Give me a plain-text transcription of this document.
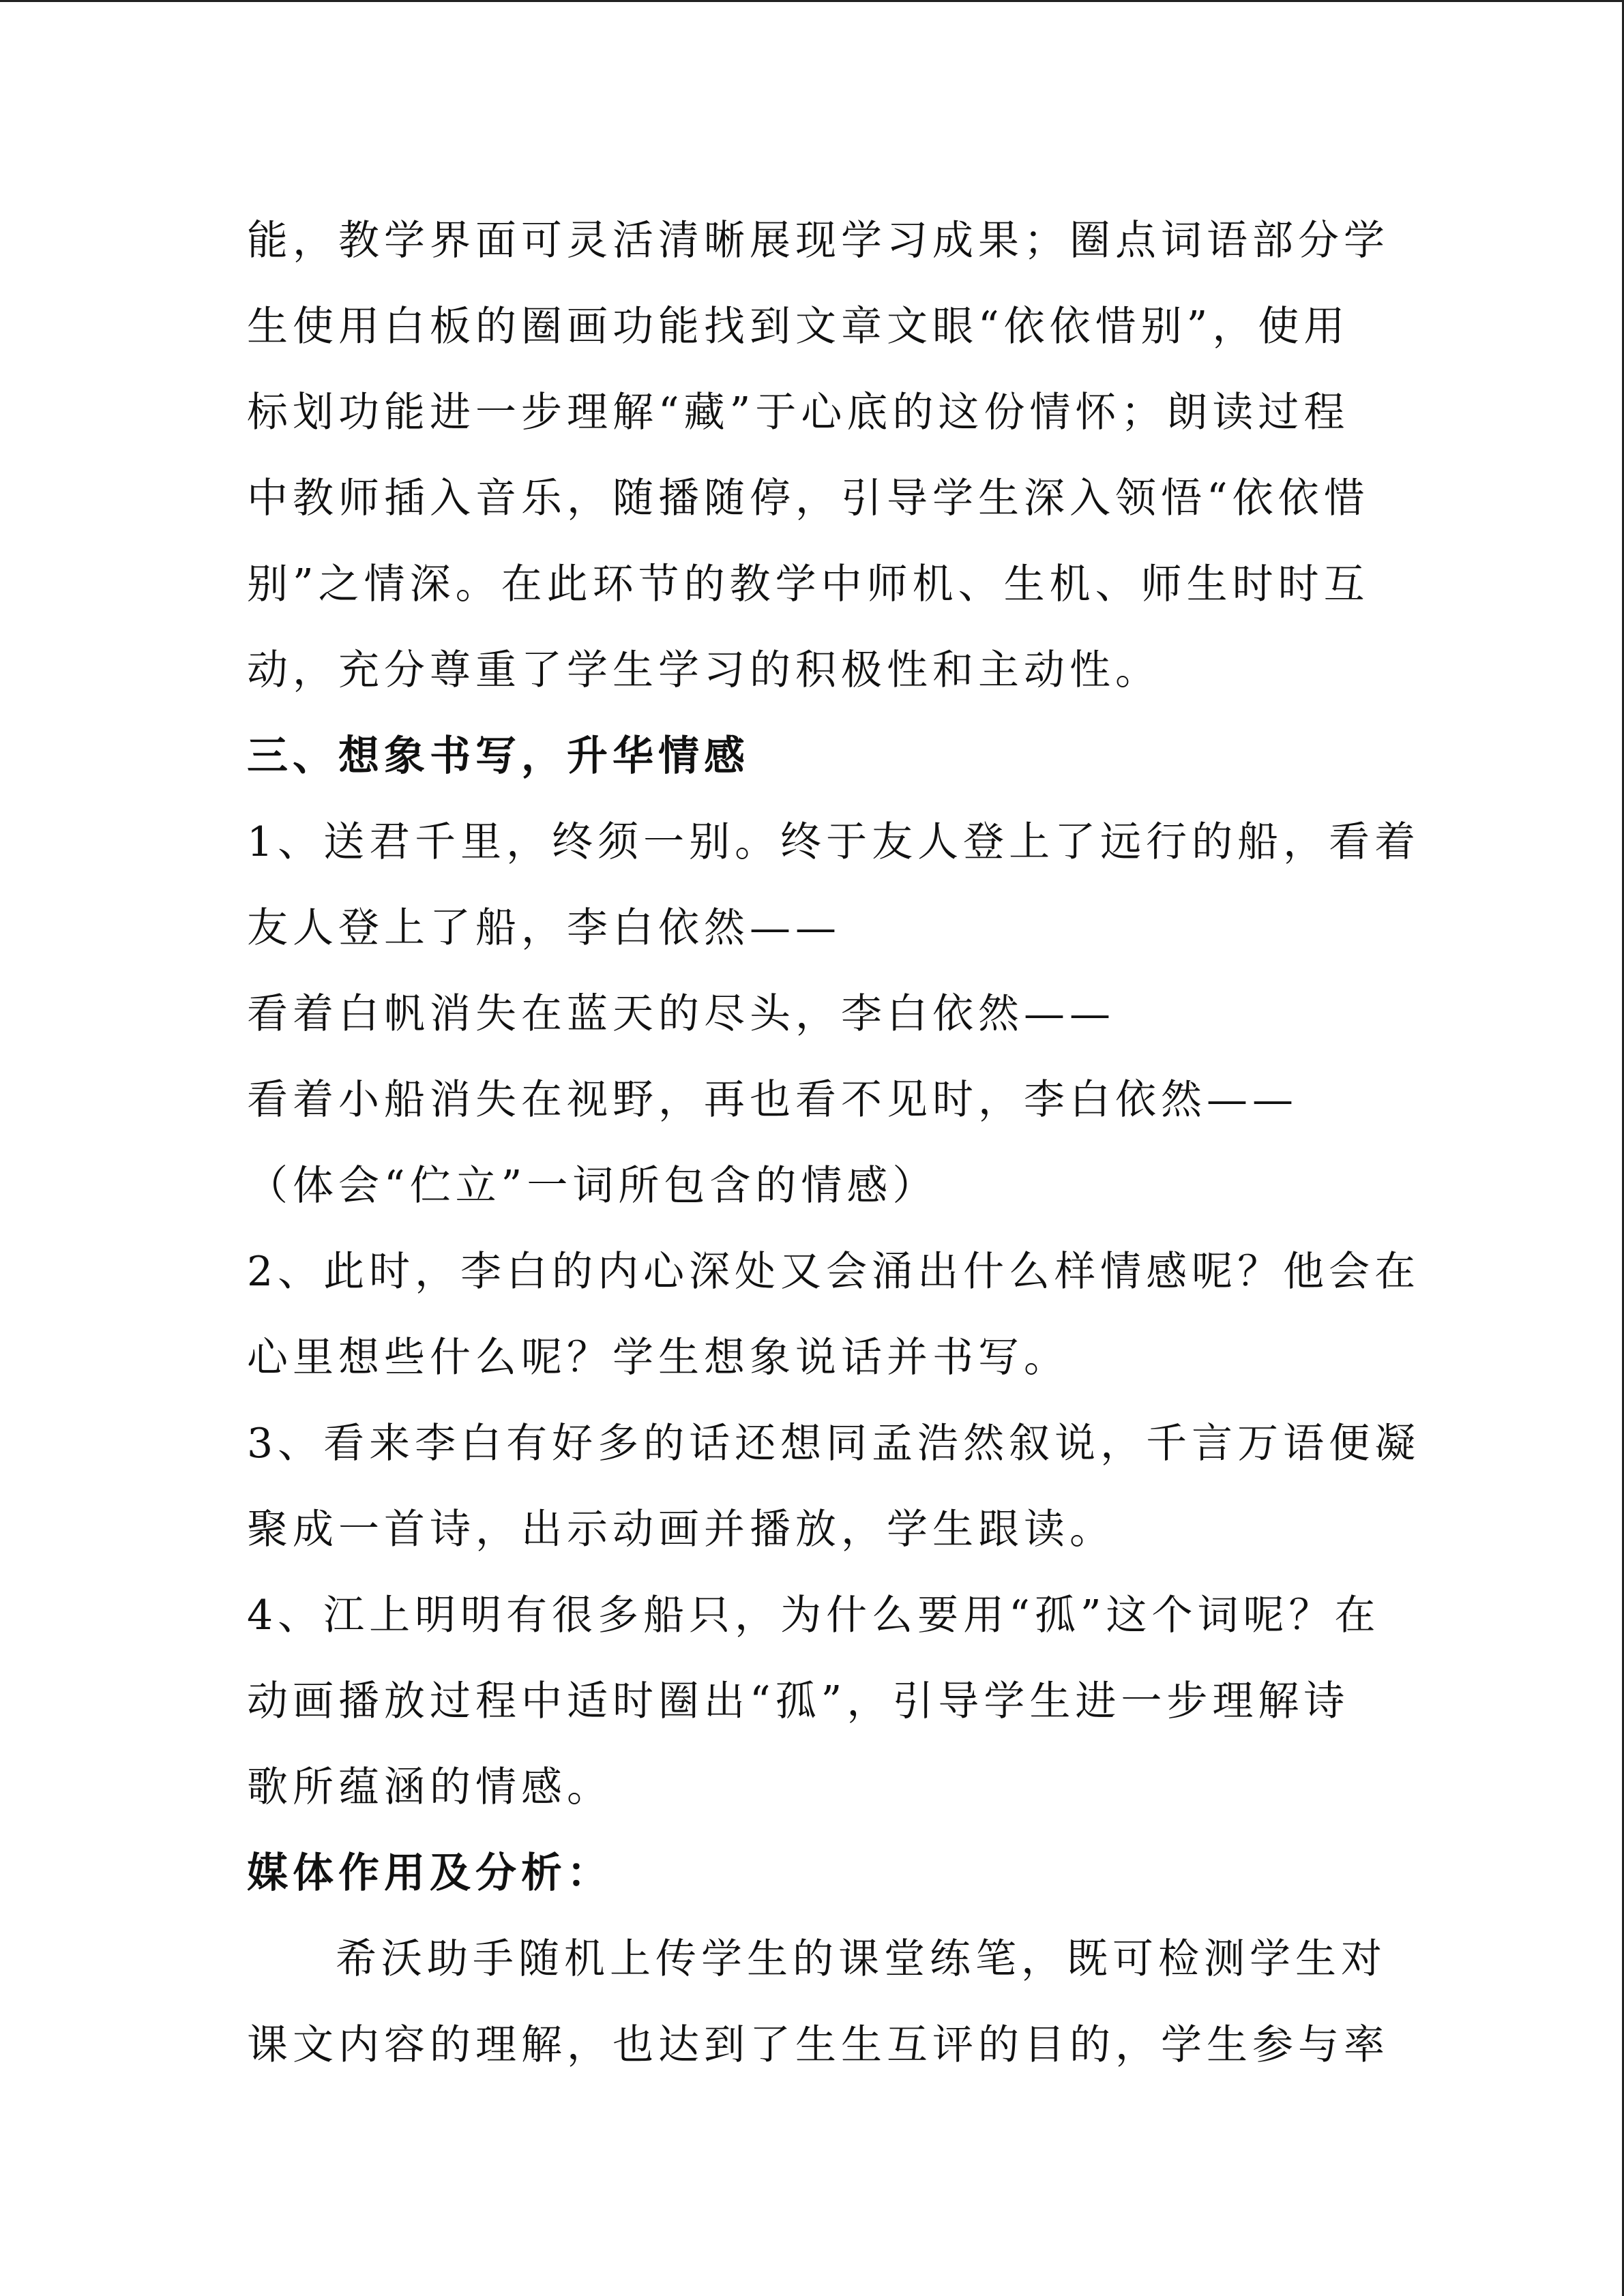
能，教学界面可灵活清晰展现学习成果；圈点词语部分学
生使用白板的圈画功能找到文章文眼“依依惜别”，使用
标划功能进一步理解“藏”于心底的这份情怀；朗读过程
中教师插入音乐，随播随停，引导学生深入领悟“依依惜
别”之情深。在此环节的教学中师机、生机、师生时时互
动，充分尊重了学生学习的积极性和主动性。
三、想象书写，升华情感
1、送君千里，终须一别。终于友人登上了远行的船，看着
友人登上了船，李白依然——
看着白帆消失在蓝天的尽头，李白依然——
看着小船消失在视野，再也看不见时，李白依然——
（体会“伫立”一词所包含的情感）
2、此时，李白的内心深处又会涌出什么样情感呢？他会在
心里想些什么呢？学生想象说话并书写。
3、看来李白有好多的话还想同孟浩然叙说，千言万语便凝
聚成一首诗，出示动画并播放，学生跟读。
4、江上明明有很多船只，为什么要用“孤”这个词呢？在
动画播放过程中适时圈出“孤”，引导学生进一步理解诗
歌所蕴涵的情感。
媒体作用及分析：
希沃助手随机上传学生的课堂练笔，既可检测学生对
课文内容的理解，也达到了生生互评的目的，学生参与率
